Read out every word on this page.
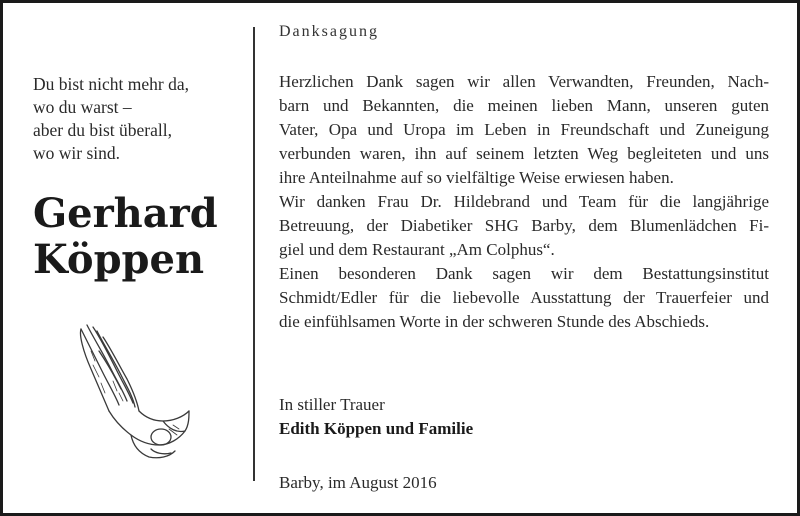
Du bist nicht mehr da,

wo du warst –

aber du bist überall,

wo wir sind.

Gerhard
Köppen
Danksagung
Herzlichen Dank sagen wir allen Verwandten, Freunden, Nach-
barn und Bekannten, die meinen lieben Mann, unseren guten
Vater, Opa und Uropa im Leben in Freundschaft und Zuneigung
verbunden waren, ihn auf seinem letzten Weg begleiteten und uns
ihre Anteilnahme auf so vielfältige Weise erwiesen haben.
Wir danken Frau Dr. Hildebrand und Team für die langjährige
Betreuung, der Diabetiker SHG Barby, dem Blumenlädchen Fi-
giel und dem Restaurant „Am Colphus“.
Einen besonderen Dank sagen wir dem Bestattungsinstitut
Schmidt/Edler für die liebevolle Ausstattung der Trauerfeier und
die einfühlsamen Worte in der schweren Stunde des Abschieds.
In stiller Trauer
Edith Köppen und Familie
Barby, im August 2016
